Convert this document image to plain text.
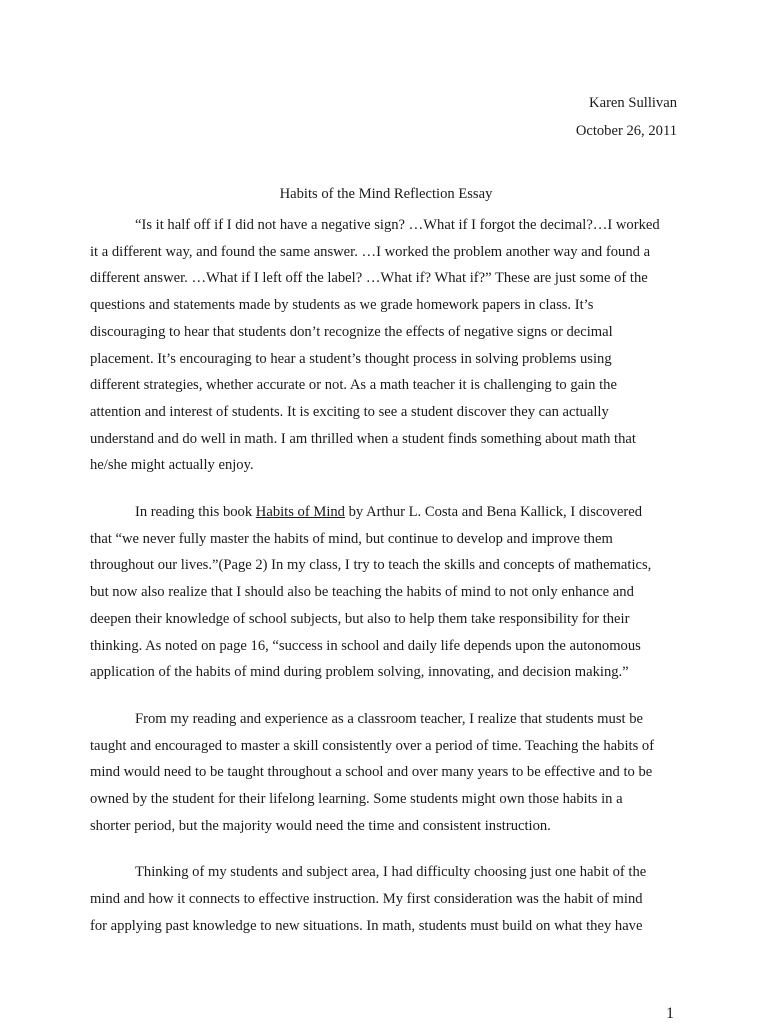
Karen Sullivan
October 26, 2011
Habits of the Mind Reflection Essay

“Is it half off if I did not have a negative sign? …What if I forgot the decimal?…I worked
it a different way, and found the same answer. …I worked the problem another way and found a
different answer. …What if I left off the label? …What if? What if?” These are just some of the
questions and statements made by students as we grade homework papers in class. It’s
discouraging to hear that students don’t recognize the effects of negative signs or decimal
placement. It’s encouraging to hear a student’s thought process in solving problems using
different strategies, whether accurate or not. As a math teacher it is challenging to gain the
attention and interest of students. It is exciting to see a student discover they can actually
understand and do well in math. I am thrilled when a student finds something about math that
he/she might actually enjoy.

In reading this book Habits of Mind by Arthur L. Costa and Bena Kallick, I discovered
that “we never fully master the habits of mind, but continue to develop and improve them
throughout our lives.”(Page 2) In my class, I try to teach the skills and concepts of mathematics,
but now also realize that I should also be teaching the habits of mind to not only enhance and
deepen their knowledge of school subjects, but also to help them take responsibility for their
thinking. As noted on page 16, “success in school and daily life depends upon the autonomous
application of the habits of mind during problem solving, innovating, and decision making.”

From my reading and experience as a classroom teacher, I realize that students must be
taught and encouraged to master a skill consistently over a period of time. Teaching the habits of
mind would need to be taught throughout a school and over many years to be effective and to be
owned by the student for their lifelong learning. Some students might own those habits in a
shorter period, but the majority would need the time and consistent instruction.

Thinking of my students and subject area, I had difficulty choosing just one habit of the
mind and how it connects to effective instruction. My first consideration was the habit of mind
for applying past knowledge to new situations. In math, students must build on what they have

1
